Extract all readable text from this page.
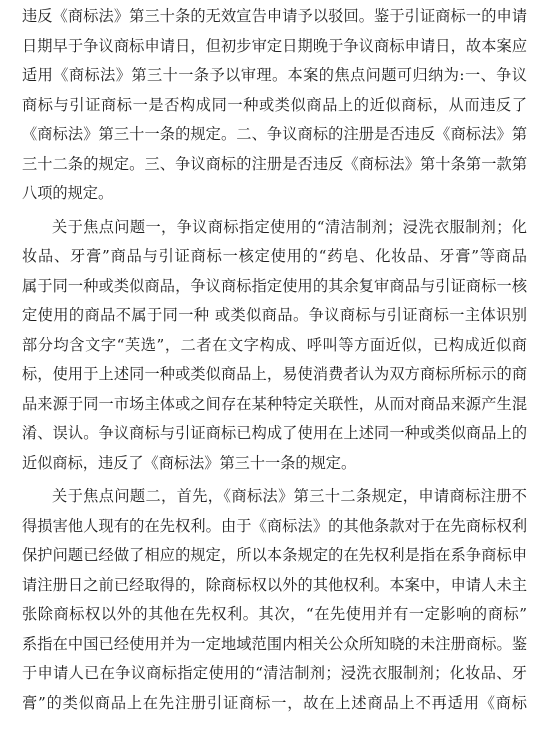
违反《商标法》第三十条的无效宣告申请予以驳回。鉴于引证商标一的申请
日期早于争议商标申请日，但初步审定日期晚于争议商标申请日，故本案应
适用《商标法》第三十一条予以审理。本案的焦点问题可归纳为:一、争议
商标与引证商标一是否构成同一种或类似商品上的近似商标，从而违反了
《商标法》第三十一条的规定。二、争议商标的注册是否违反《商标法》第
三十二条的规定。三、争议商标的注册是否违反《商标法》第十条第一款第
八项的规定。
关于焦点问题一，争议商标指定使用的“清洁制剂；浸洗衣服制剂；化
妆品、牙膏”商品与引证商标一核定使用的“药皂、化妆品、牙膏”等商品
属于同一种或类似商品，争议商标指定使用的其余复审商品与引证商标一核
定使用的商品不属于同一种 或类似商品。争议商标与引证商标一主体识别
部分均含文字“芙选”，二者在文字构成、呼叫等方面近似，已构成近似商
标，使用于上述同一种或类似商品上，易使消费者认为双方商标所标示的商
品来源于同一市场主体或之间存在某种特定关联性，从而对商品来源产生混
淆、误认。争议商标与引证商标已构成了使用在上述同一种或类似商品上的
近似商标，违反了《商标法》第三十一条的规定。
关于焦点问题二，首先，《商标法》第三十二条规定，申请商标注册不
得损害他人现有的在先权利。由于《商标法》的其他条款对于在先商标权利
保护问题已经做了相应的规定，所以本条规定的在先权利是指在系争商标申
请注册日之前已经取得的，除商标权以外的其他权利。本案中，申请人未主
张除商标权以外的其他在先权利。其次，“在先使用并有一定影响的商标”
系指在中国已经使用并为一定地域范围内相关公众所知晓的未注册商标。鉴
于申请人已在争议商标指定使用的“清洁制剂；浸洗衣服制剂；化妆品、牙
膏”的类似商品上在先注册引证商标一，故在上述商品上不再适用《商标
